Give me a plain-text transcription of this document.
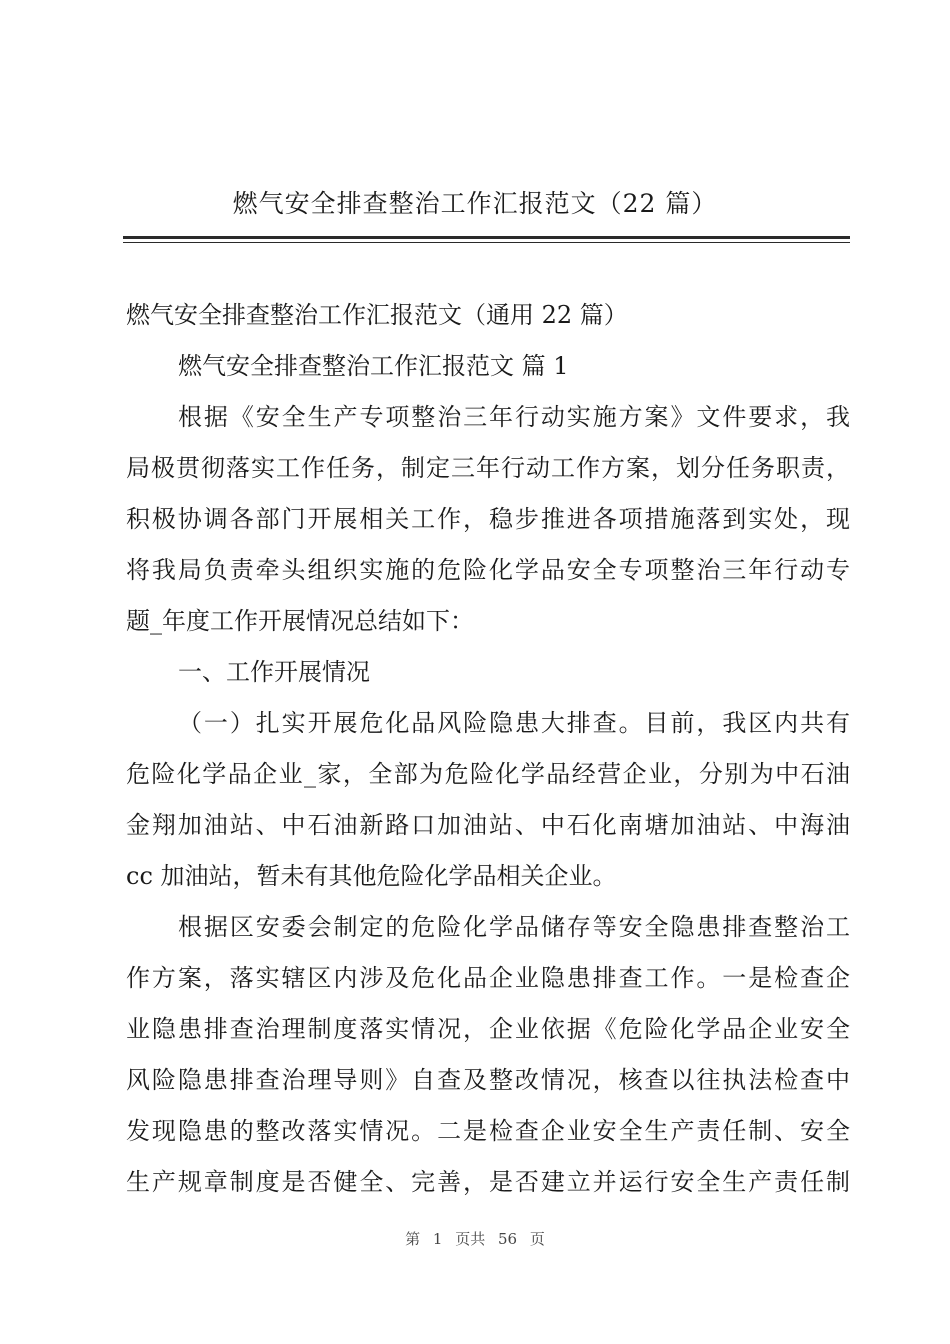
燃气安全排查整治工作汇报范文（22 篇）
燃气安全排查整治工作汇报范文（通用 22 篇）
燃气安全排查整治工作汇报范文 篇 1
根据《安全生产专项整治三年行动实施方案》文件要求，我
局极贯彻落实工作任务，制定三年行动工作方案，划分任务职责，
积极协调各部门开展相关工作，稳步推进各项措施落到实处，现
将我局负责牵头组织实施的危险化学品安全专项整治三年行动专
题_年度工作开展情况总结如下：
一、工作开展情况
（一）扎实开展危化品风险隐患大排查。目前，我区内共有
危险化学品企业_家，全部为危险化学品经营企业，分别为中石油
金翔加油站、中石油新路口加油站、中石化南塘加油站、中海油
cc 加油站，暂未有其他危险化学品相关企业。
根据区安委会制定的危险化学品储存等安全隐患排查整治工
作方案，落实辖区内涉及危化品企业隐患排查工作。一是检查企
业隐患排查治理制度落实情况，企业依据《危险化学品企业安全
风险隐患排查治理导则》自查及整改情况，核查以往执法检查中
发现隐患的整改落实情况。二是检查企业安全生产责任制、安全
生产规章制度是否健全、完善，是否建立并运行安全生产责任制
第 1 页共 56 页
